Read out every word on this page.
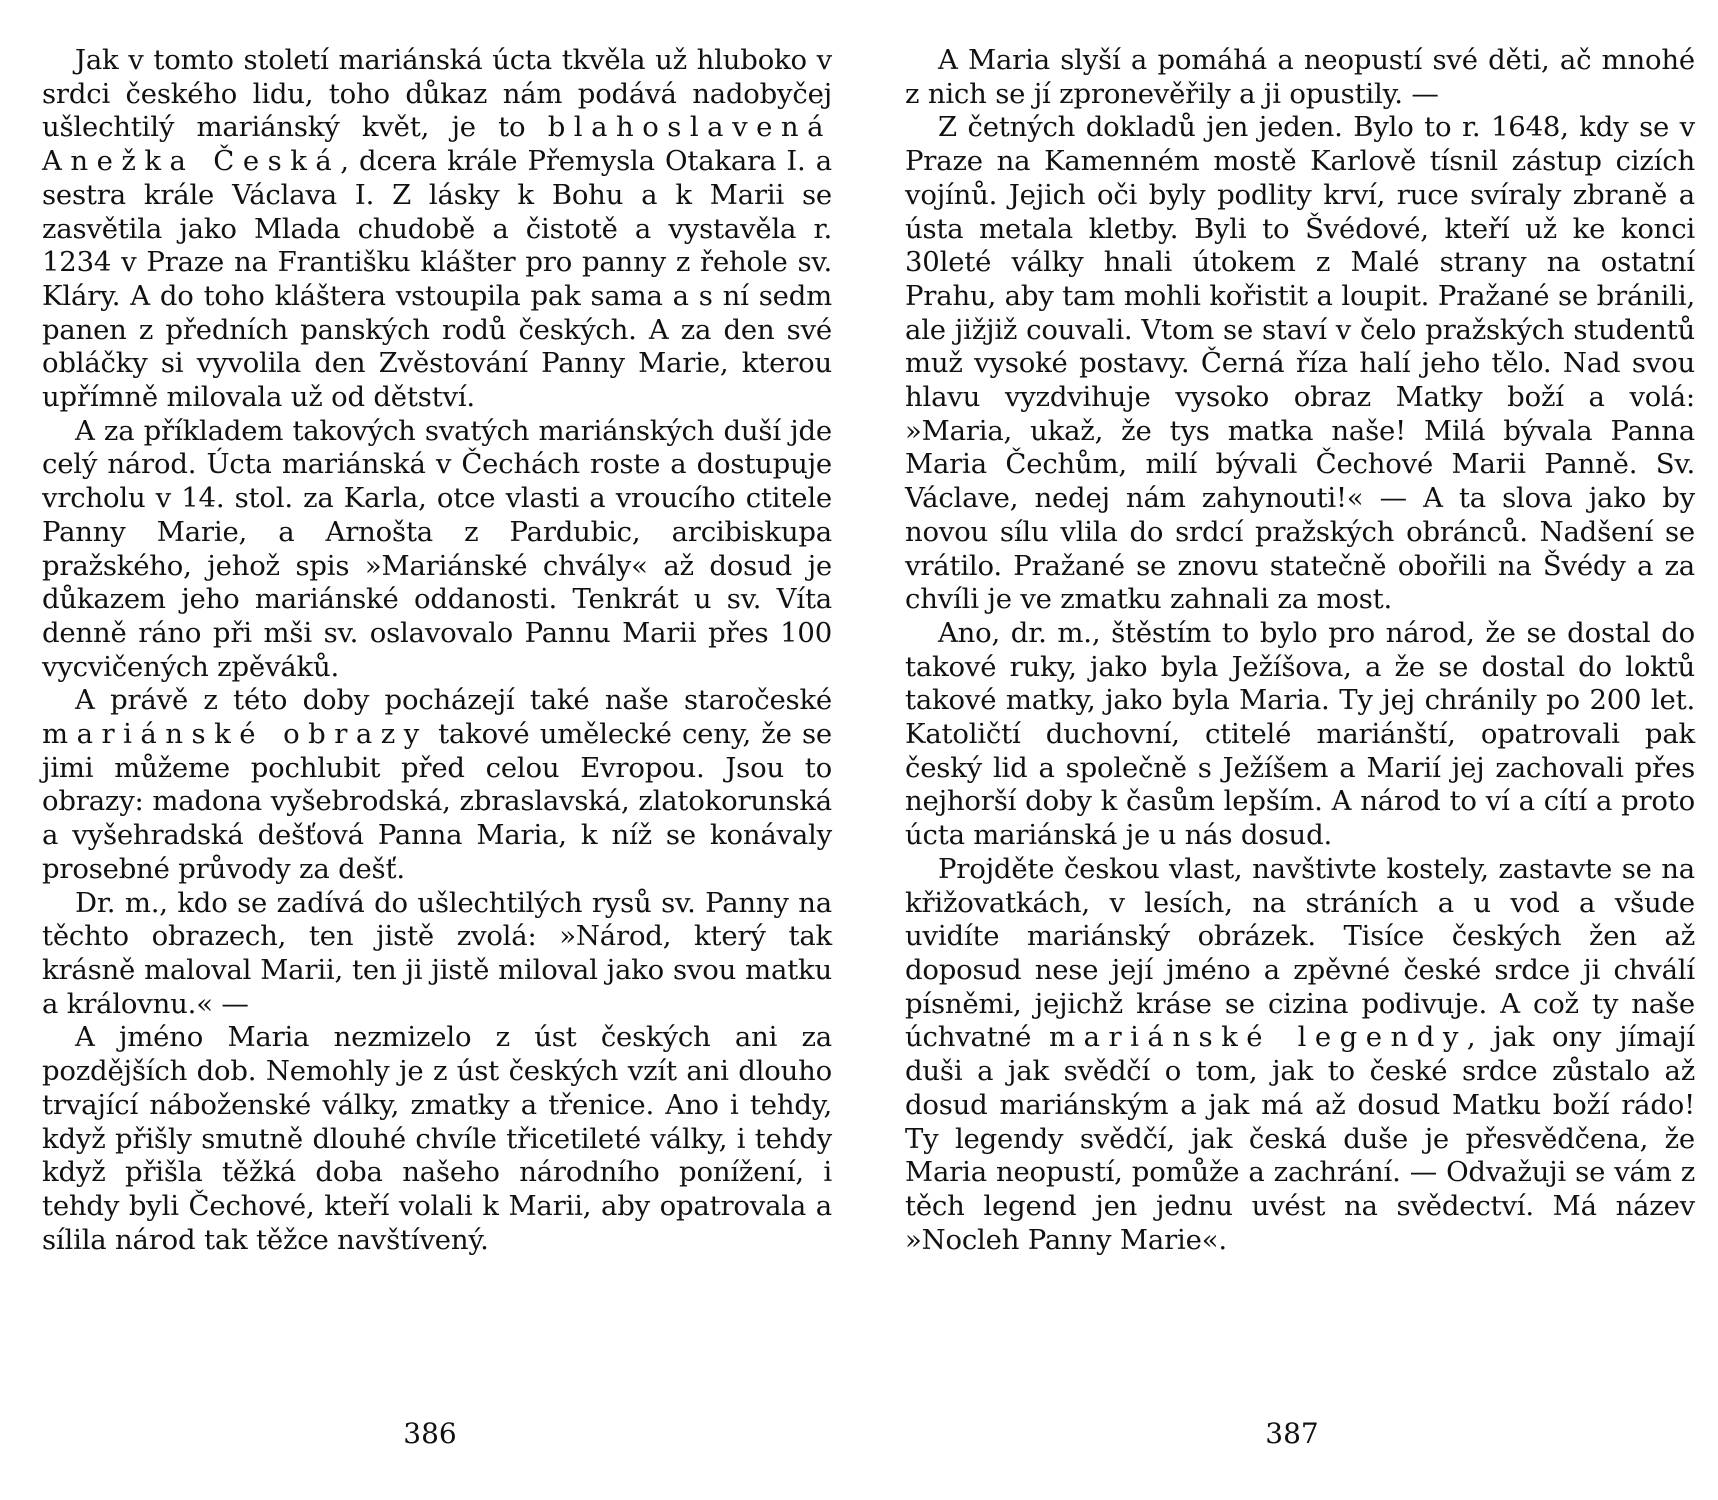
Jak v tomto století mariánská úcta tkvěla už hluboko v srdci českého lidu, toho důkaz nám podává nadobyčej ušlechtilý mariánský květ, je to blahoslavená Anežka Česká, dcera krále Přemysla Otakara I. a sestra krále Václava I. Z lásky k Bohu a k Marii se zasvětila jako Mlada chudobě a čistotě a vystavěla r. 1234 v Praze na Františku klášter pro panny z řehole sv. Kláry. A do toho kláštera vstoupila pak sama a s ní sedm panen z předních panských rodů českých. A za den své obláčky si vyvolila den Zvěstování Panny Marie, kterou upřímně milovala už od dětství.

A za příkladem takových svatých mariánských duší jde celý národ. Úcta mariánská v Čechách roste a dostupuje vrcholu v 14. stol. za Karla, otce vlasti a vroucího ctitele Panny Marie, a Arnošta z Pardubic, arcibiskupa pražského, jehož spis »Mariánské chvály« až dosud je důkazem jeho mariánské oddanosti. Tenkrát u sv. Víta denně ráno při mši sv. oslavovalo Pannu Marii přes 100 vycvičených zpěváků.

A právě z této doby pocházejí také naše staročeské mariánské obrazy takové umělecké ceny, že se jimi můžeme pochlubit před celou Evropou. Jsou to obrazy: madona vyšebrodská, zbraslavská, zlatokorunská a vyšehradská dešťová Panna Maria, k níž se konávaly prosebné průvody za dešť.

Dr. m., kdo se zadívá do ušlechtilých rysů sv. Panny na těchto obrazech, ten jistě zvolá: »Národ, který tak krásně maloval Marii, ten ji jistě miloval jako svou matku a královnu.« —

A jméno Maria nezmizelo z úst českých ani za pozdějších dob. Nemohly je z úst českých vzít ani dlouho trvající náboženské války, zmatky a třenice. Ano i tehdy, když přišly smutně dlouhé chvíle třicetileté války, i tehdy když přišla těžká doba našeho národního ponížení, i tehdy byli Čechové, kteří volali k Marii, aby opatrovala a sílila národ tak těžce navštívený.

386

A Maria slyší a pomáhá a neopustí své děti, ač mnohé z nich se jí zpronevěřily a ji opustily. —

Z četných dokladů jen jeden. Bylo to r. 1648, kdy se v Praze na Kamenném mostě Karlově tísnil zástup cizích vojínů. Jejich oči byly podlity krví, ruce svíraly zbraně a ústa metala kletby. Byli to Švédové, kteří už ke konci 30leté války hnali útokem z Malé strany na ostatní Prahu, aby tam mohli kořistit a loupit. Pražané se bránili, ale jižjiž couvali. Vtom se staví v čelo pražských studentů muž vysoké postavy. Černá říza halí jeho tělo. Nad svou hlavu vyzdvihuje vysoko obraz Matky boží a volá: »Maria, ukaž, že tys matka naše! Milá bývala Panna Maria Čechům, milí bývali Čechové Marii Panně. Sv. Václave, nedej nám zahynouti!« — A ta slova jako by novou sílu vlila do srdcí pražských obránců. Nadšení se vrátilo. Pražané se znovu statečně obořili na Švédy a za chvíli je ve zmatku zahnali za most.

Ano, dr. m., štěstím to bylo pro národ, že se dostal do takové ruky, jako byla Ježíšova, a že se dostal do loktů takové matky, jako byla Maria. Ty jej chránily po 200 let. Katoličtí duchovní, ctitelé mariánští, opatrovali pak český lid a společně s Ježíšem a Marií jej zachovali přes nejhorší doby k časům lepším. A národ to ví a cítí a proto úcta mariánská je u nás dosud.

Projděte českou vlast, navštivte kostely, zastavte se na křižovatkách, v lesích, na stráních a u vod a všude uvidíte mariánský obrázek. Tisíce českých žen až doposud nese její jméno a zpěvné české srdce ji chválí písněmi, jejichž kráse se cizina podivuje. A což ty naše úchvatné mariánské legendy, jak ony jímají duši a jak svědčí o tom, jak to české srdce zůstalo až dosud mariánským a jak má až dosud Matku boží rádo! Ty legendy svědčí, jak česká duše je přesvědčena, že Maria neopustí, pomůže a zachrání. — Odvažuji se vám z těch legend jen jednu uvést na svědectví. Má název »Nocleh Panny Marie«.

387
